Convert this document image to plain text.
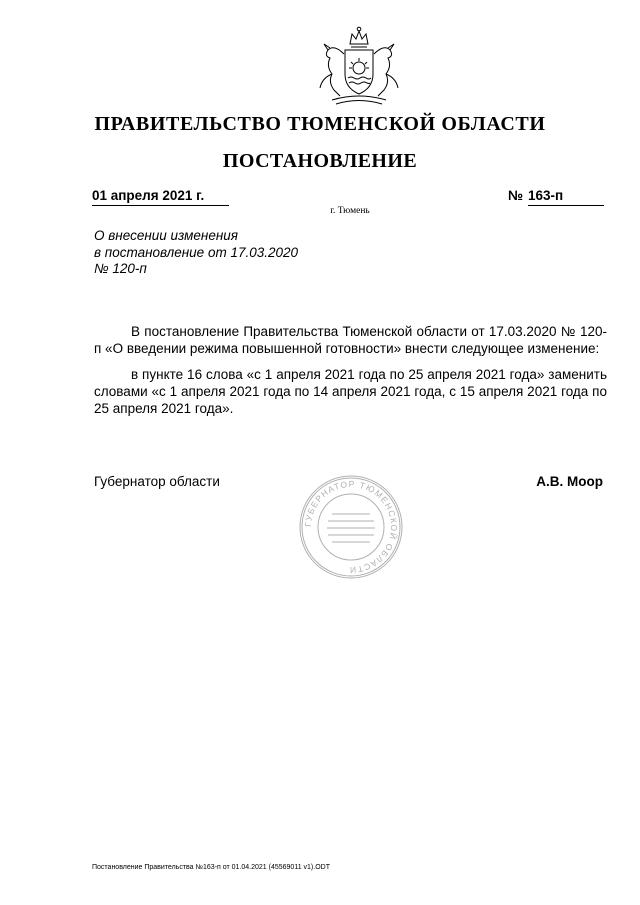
ПРАВИТЕЛЬСТВО ТЮМЕНСКОЙ ОБЛАСТИ
ПОСТАНОВЛЕНИЕ
01 апреля 2021 г.	№ 163-п
г. Тюмень
О внесении изменения
в постановление от 17.03.2020
№ 120-п

В постановление Правительства Тюменской области от 17.03.2020 № 120-п «О введении режима повышенной готовности» внести следующее изменение:

в пункте 16 слова «с 1 апреля 2021 года по 25 апреля 2021 года» заменить словами «с 1 апреля 2021 года по 14 апреля 2021 года, с 15 апреля 2021 года по 25 апреля 2021 года».

Губернатор области
ГУБЕРНАТОР ТЮМЕНСКОЙ ОБЛАСТИ
А.В. Моор
Постановление Правительства №163-п от 01.04.2021 (45569011 v1).ODT
